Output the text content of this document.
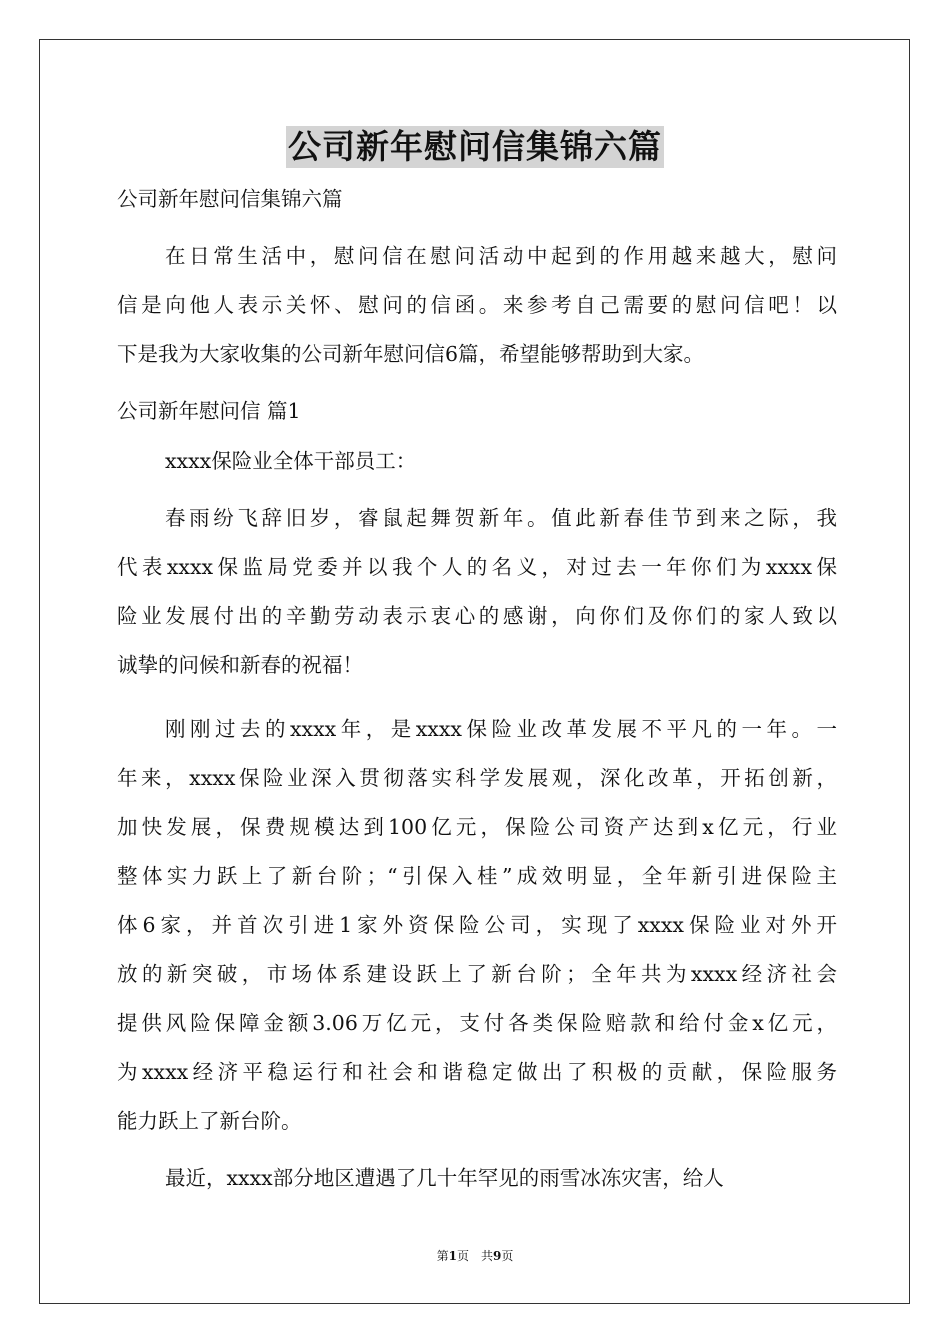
公司新年慰问信集锦六篇
公司新年慰问信集锦六篇
在日常生活中，慰问信在慰问活动中起到的作用越来越大，慰问
信是向他人表示关怀、慰问的信函。来参考自己需要的慰问信吧！以
下是我为大家收集的公司新年慰问信6篇，希望能够帮助到大家。
公司新年慰问信 篇1
xxxx保险业全体干部员工：
春雨纷飞辞旧岁，睿鼠起舞贺新年。值此新春佳节到来之际，我
代表xxxx保监局党委并以我个人的名义，对过去一年你们为xxxx保
险业发展付出的辛勤劳动表示衷心的感谢，向你们及你们的家人致以
诚挚的问候和新春的祝福！
刚刚过去的xxxx年，是xxxx保险业改革发展不平凡的一年。一
年来，xxxx保险业深入贯彻落实科学发展观，深化改革，开拓创新，
加快发展，保费规模达到100亿元，保险公司资产达到x亿元，行业
整体实力跃上了新台阶；“引保入桂”成效明显，全年新引进保险主
体6家，并首次引进1家外资保险公司，实现了xxxx保险业对外开
放的新突破，市场体系建设跃上了新台阶；全年共为xxxx经济社会
提供风险保障金额3.06万亿元，支付各类保险赔款和给付金x亿元，
为xxxx经济平稳运行和社会和谐稳定做出了积极的贡献，保险服务
能力跃上了新台阶。
最近，xxxx部分地区遭遇了几十年罕见的雨雪冰冻灾害，给人
第1页　共9页
